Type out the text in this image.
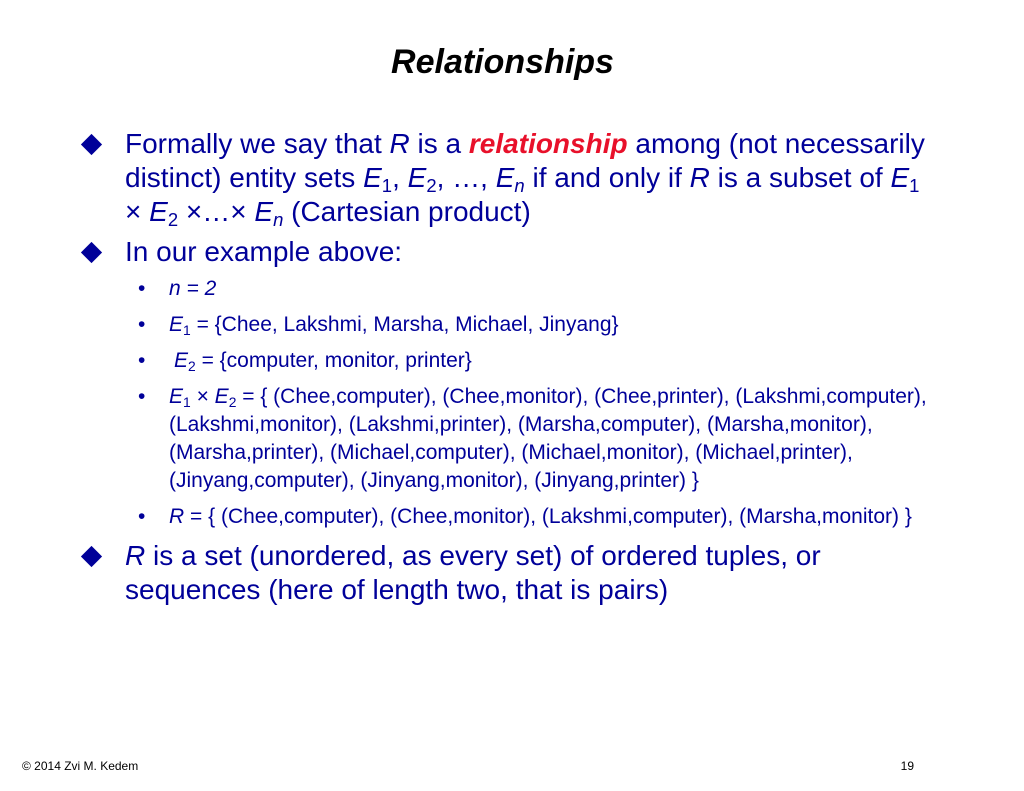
Relationships
Formally we say that R is a relationship among (not necessarily distinct) entity sets $E_1$, $E_2$, …, $E_n$ if and only if R is a subset of $E_1 \times E_2$ ×…× $E_n$ (Cartesian product)
In our example above:
• n = 2
• $E_1$ = {Chee, Lakshmi, Marsha, Michael, Jinyang}
• $E_2$ = {computer, monitor, printer}
• $E_1 \times E_2$ = { (Chee,computer), (Chee,monitor), (Chee,printer), (Lakshmi,computer), (Lakshmi,monitor), (Lakshmi,printer), (Marsha,computer), (Marsha,monitor), (Marsha,printer), (Michael,computer), (Michael,monitor), (Michael,printer), (Jinyang,computer), (Jinyang,monitor), (Jinyang,printer) }
• R = { (Chee,computer), (Chee,monitor), (Lakshmi,computer), (Marsha,monitor) }
R is a set (unordered, as every set) of ordered tuples, or sequences (here of length two, that is pairs)
© 2014 Zvi M. Kedem	19
